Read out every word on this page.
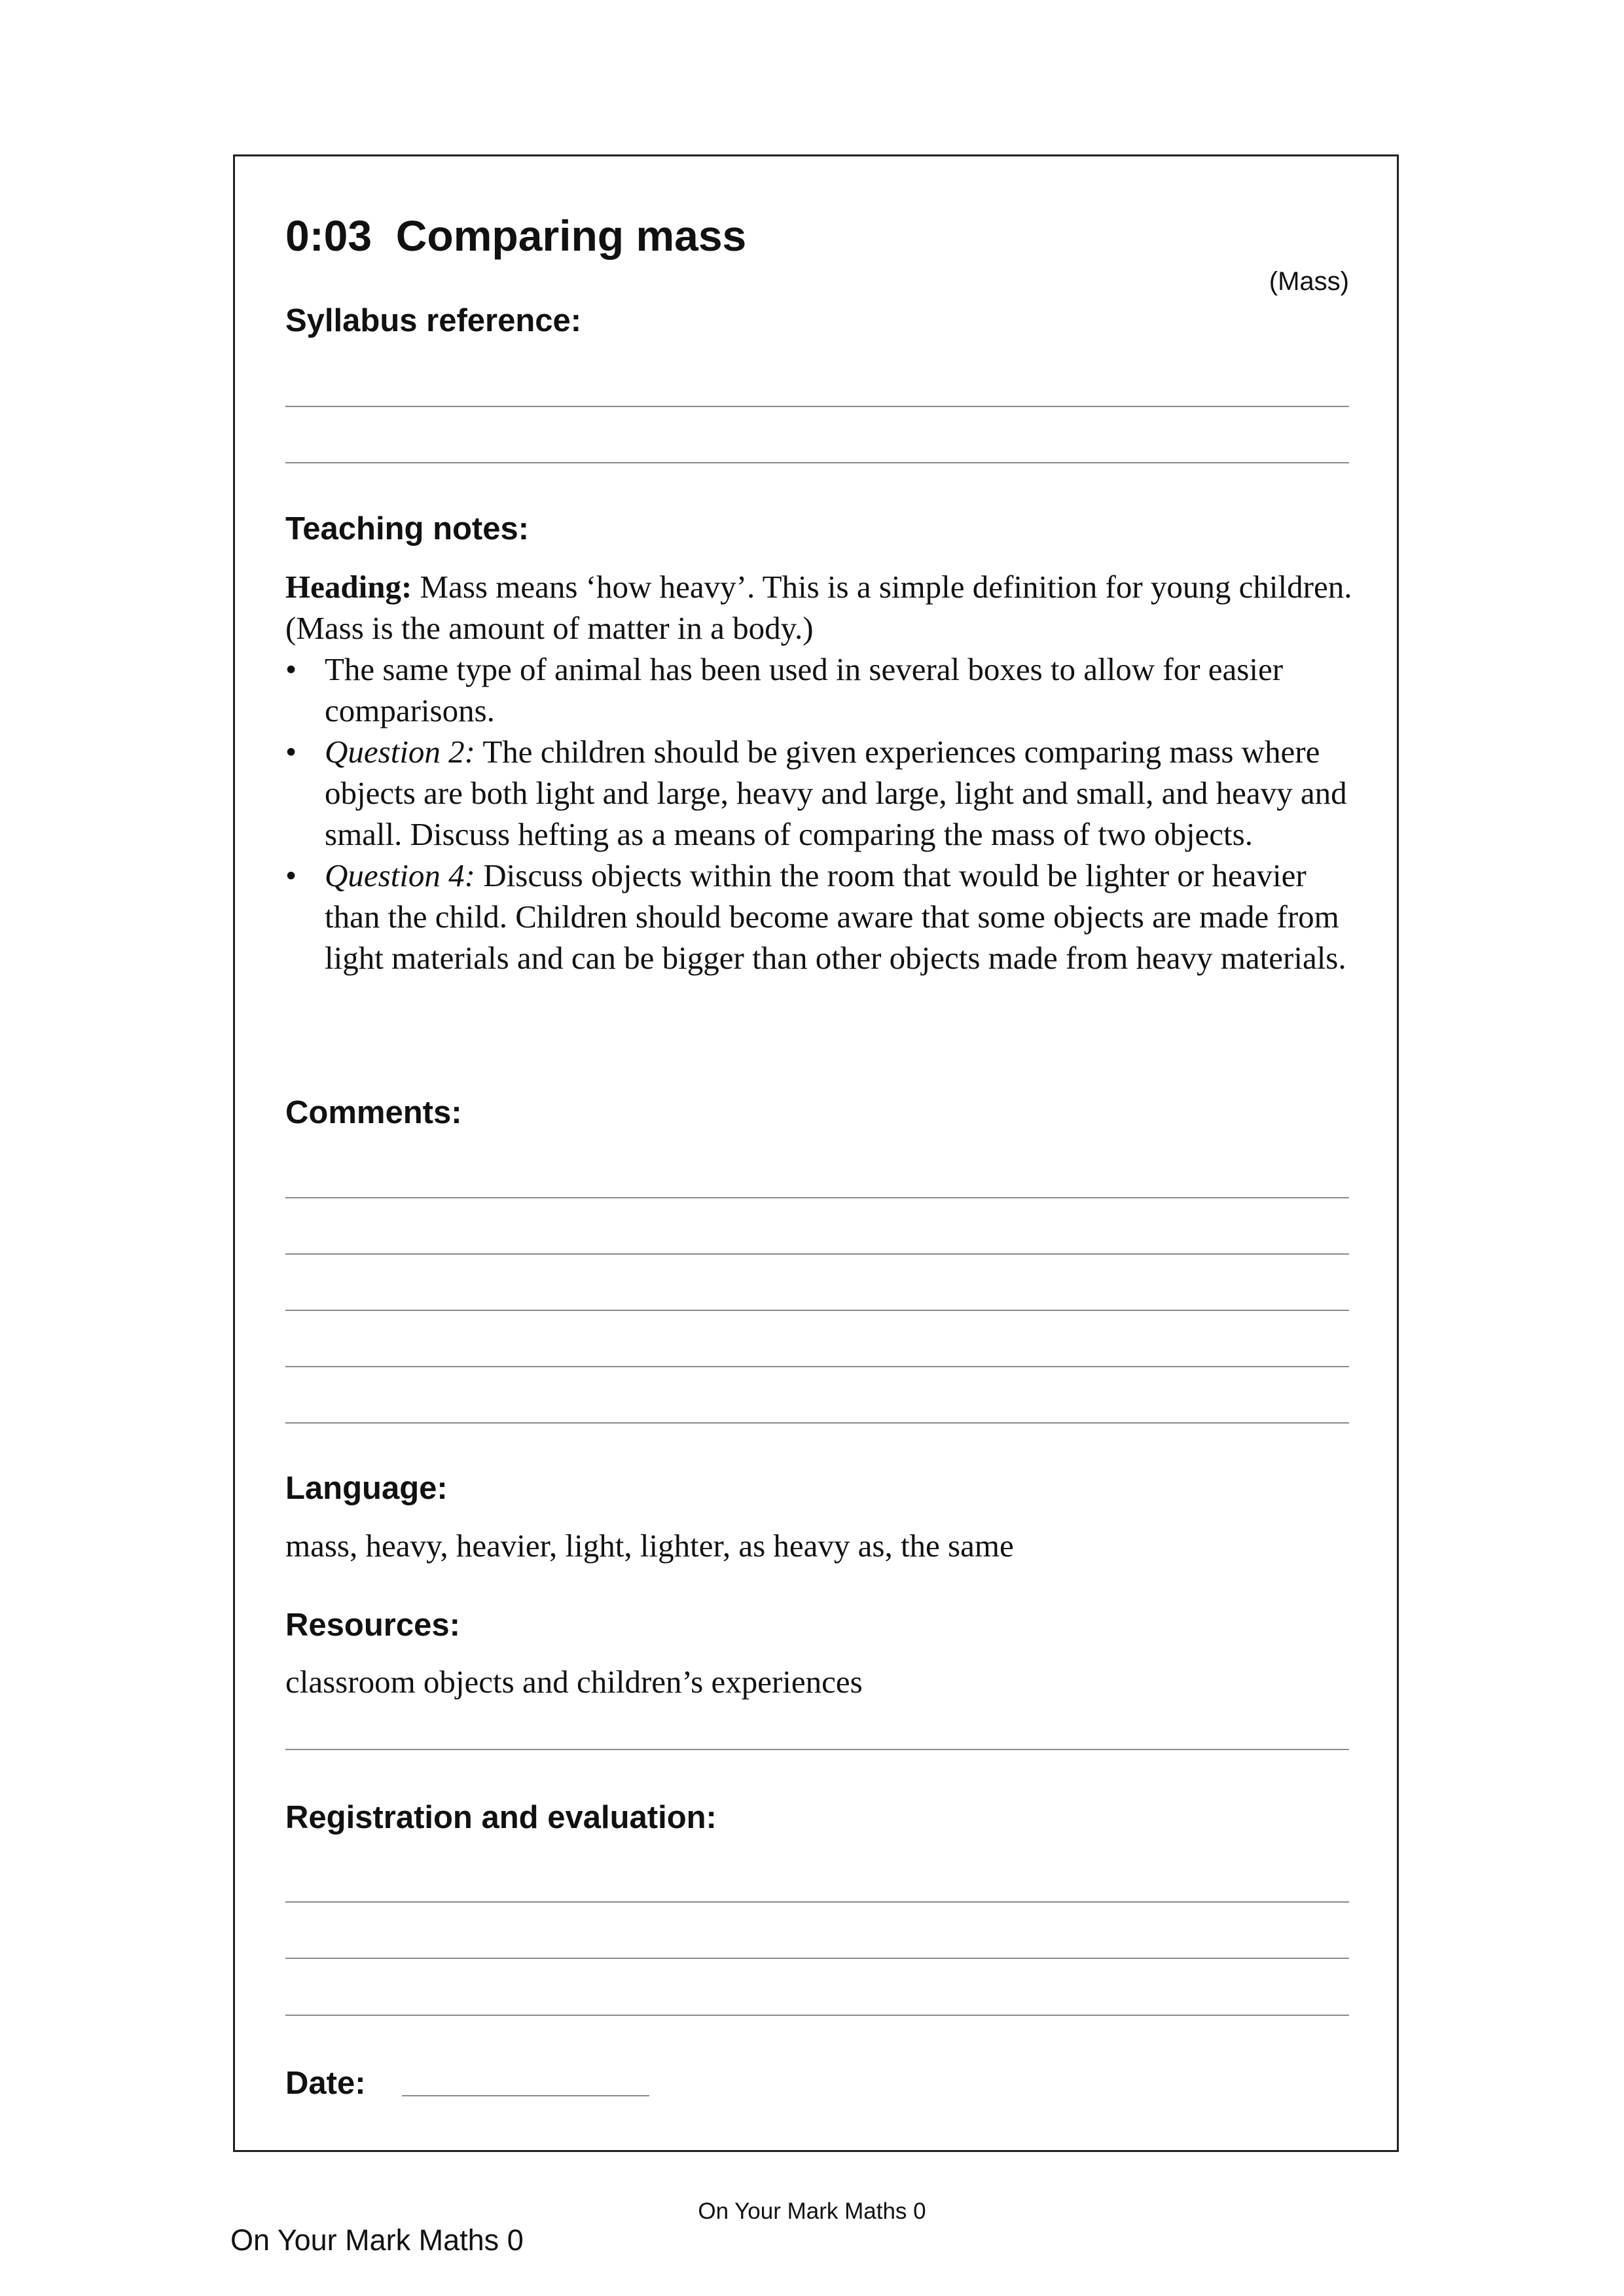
0:03  Comparing mass
(Mass)
Syllabus reference:
Teaching notes:

Heading: Mass means ‘how heavy’. This is a simple definition for young children. (Mass is the amount of matter in a body.)

• The same type of animal has been used in several boxes to allow for easier comparisons.
• Question 2: The children should be given experiences comparing mass where objects are both light and large, heavy and large, light and small, and heavy and small. Discuss hefting as a means of comparing the mass of two objects.
• Question 4: Discuss objects within the room that would be lighter or heavier than the child. Children should become aware that some objects are made from light materials and can be bigger than other objects made from heavy materials.
Comments:
Language:
mass, heavy, heavier, light, lighter, as heavy as, the same
Resources:
classroom objects and children’s experiences
Registration and evaluation:
Date:
On Your Mark Maths 0
On Your Mark Maths 0
